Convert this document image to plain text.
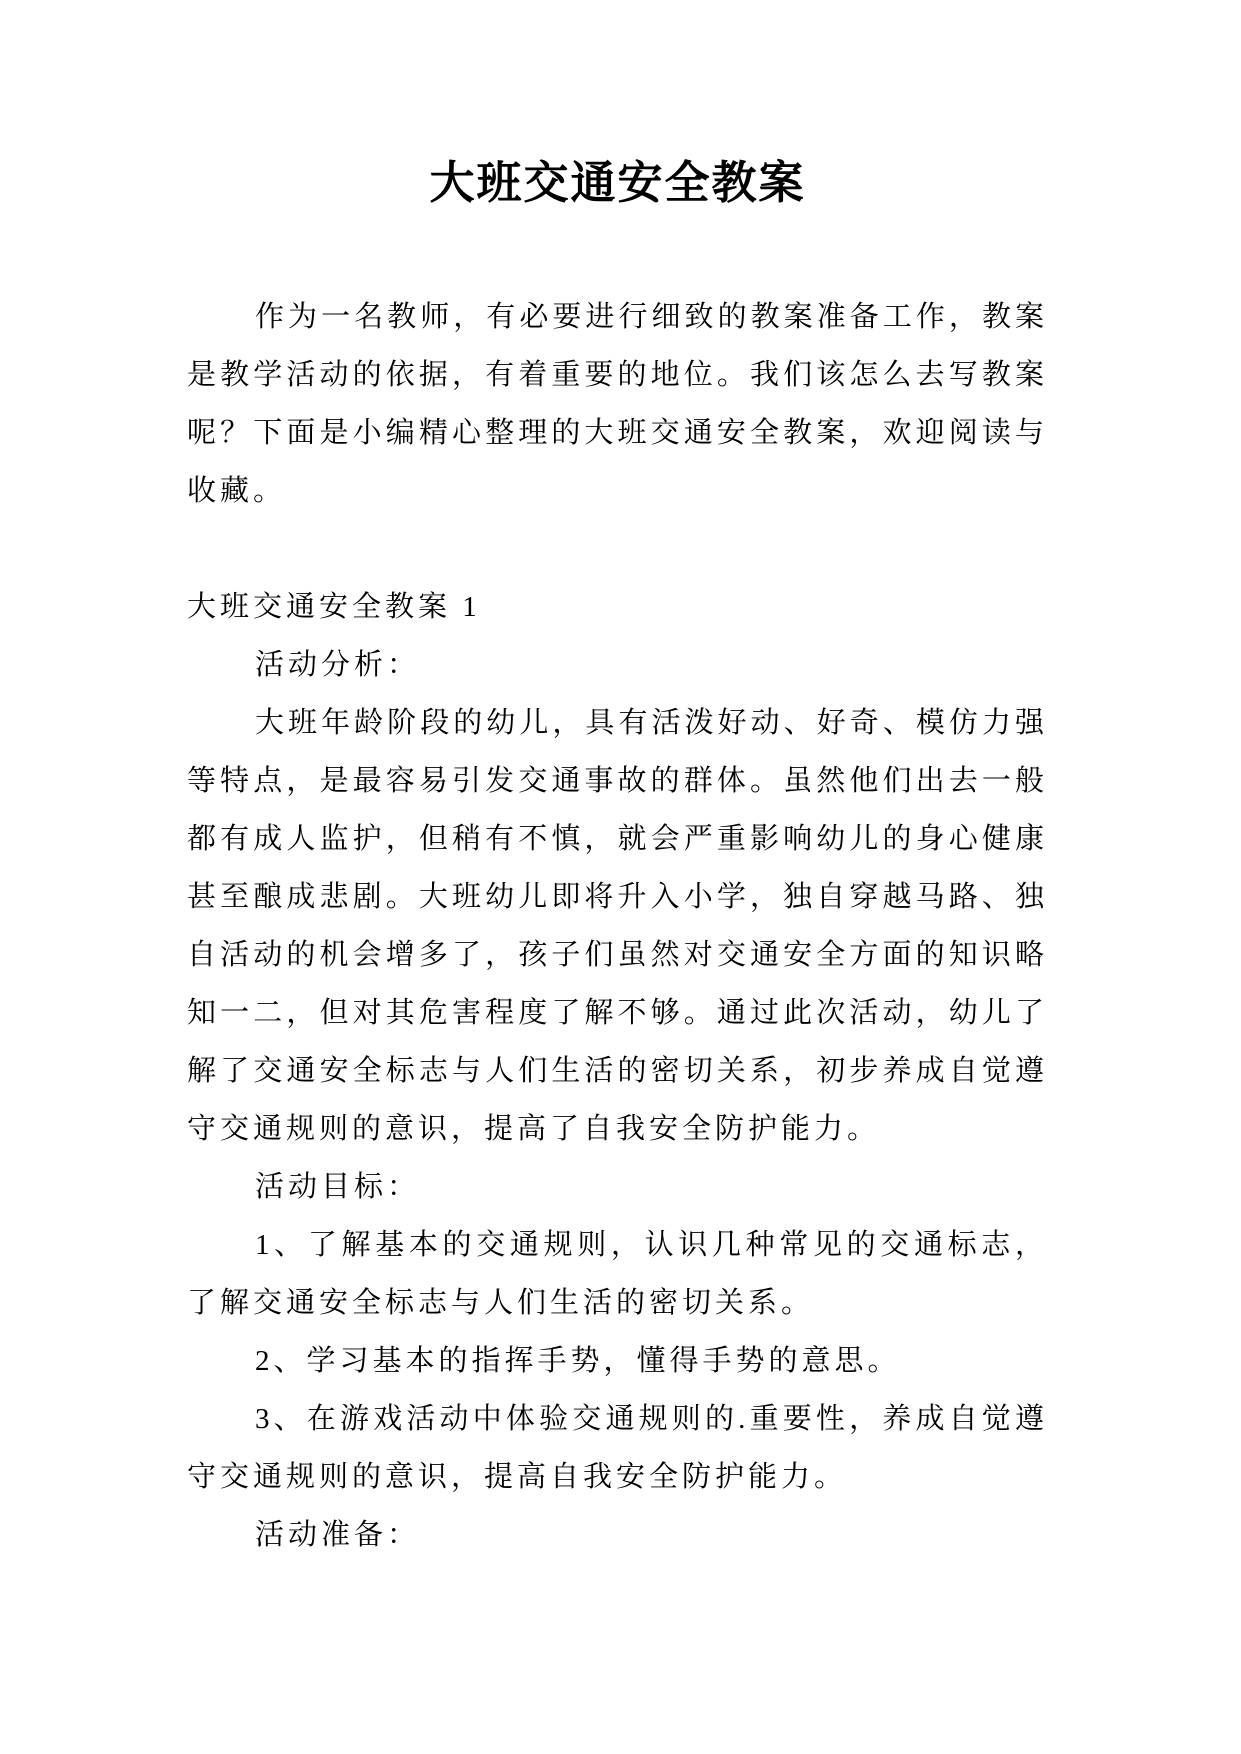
大班交通安全教案

作为一名教师，有必要进行细致的教案准备工作，教案是教学活动的依据，有着重要的地位。我们该怎么去写教案呢？下面是小编精心整理的大班交通安全教案，欢迎阅读与收藏。

大班交通安全教案 1

活动分析：

大班年龄阶段的幼儿，具有活泼好动、好奇、模仿力强等特点，是最容易引发交通事故的群体。虽然他们出去一般都有成人监护，但稍有不慎，就会严重影响幼儿的身心健康甚至酿成悲剧。大班幼儿即将升入小学，独自穿越马路、独自活动的机会增多了，孩子们虽然对交通安全方面的知识略知一二，但对其危害程度了解不够。通过此次活动，幼儿了解了交通安全标志与人们生活的密切关系，初步养成自觉遵守交通规则的意识，提高了自我安全防护能力。

活动目标：

1、了解基本的交通规则，认识几种常见的交通标志，了解交通安全标志与人们生活的密切关系。

2、学习基本的指挥手势，懂得手势的意思。

3、在游戏活动中体验交通规则的.重要性，养成自觉遵守交通规则的意识，提高自我安全防护能力。

活动准备：
